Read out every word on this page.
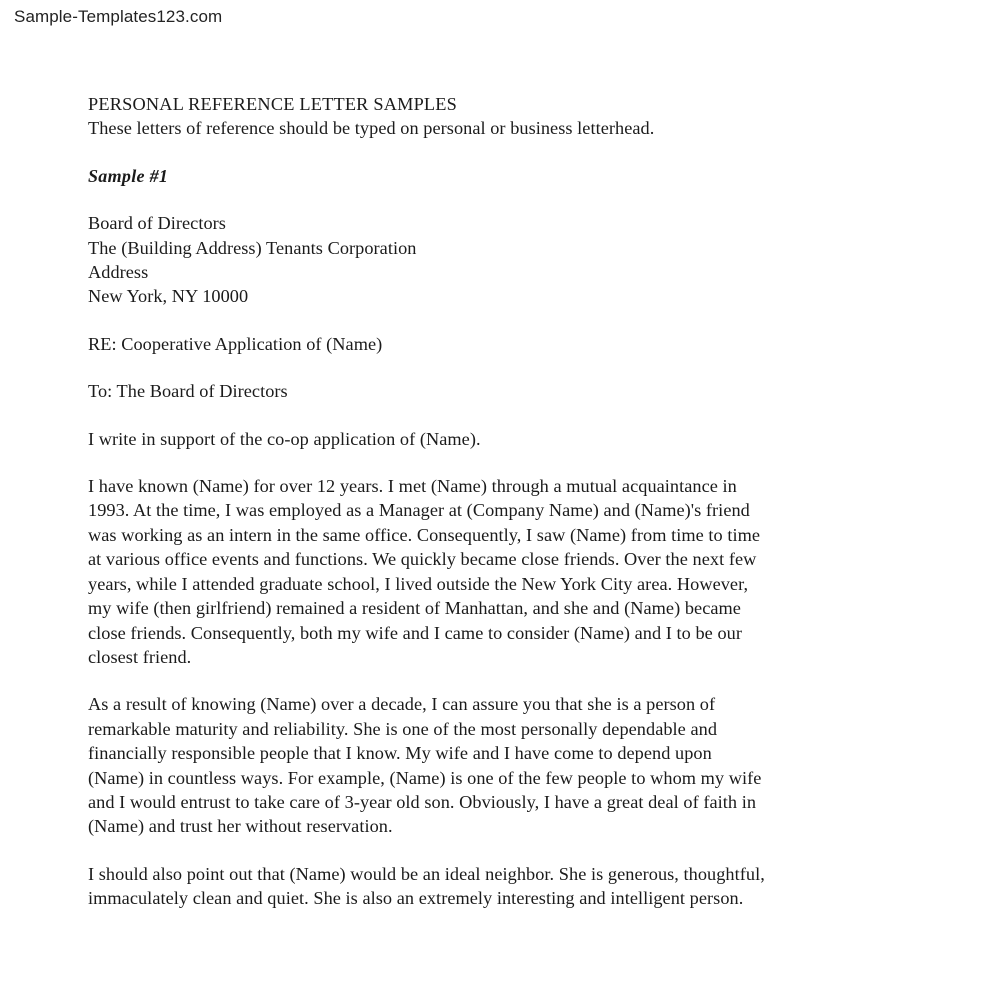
Sample-Templates123.com
PERSONAL REFERENCE LETTER SAMPLES
These letters of reference should be typed on personal or business letterhead.
Sample #1
Board of Directors
The (Building Address) Tenants Corporation
Address
New York, NY 10000
RE: Cooperative Application of (Name)
To: The Board of Directors
I write in support of the co-op application of (Name).
I have known (Name) for over 12 years. I met (Name) through a mutual acquaintance in
1993. At the time, I was employed as a Manager at (Company Name) and (Name)'s friend
was working as an intern in the same office. Consequently, I saw (Name) from time to time
at various office events and functions. We quickly became close friends. Over the next few
years, while I attended graduate school, I lived outside the New York City area. However,
my wife (then girlfriend) remained a resident of Manhattan, and she and (Name) became
close friends. Consequently, both my wife and I came to consider (Name) and I to be our
closest friend.
As a result of knowing (Name) over a decade, I can assure you that she is a person of
remarkable maturity and reliability. She is one of the most personally dependable and
financially responsible people that I know. My wife and I have come to depend upon
(Name) in countless ways. For example, (Name) is one of the few people to whom my wife
and I would entrust to take care of 3-year old son. Obviously, I have a great deal of faith in
(Name) and trust her without reservation.
I should also point out that (Name) would be an ideal neighbor. She is generous, thoughtful,
immaculately clean and quiet. She is also an extremely interesting and intelligent person.
